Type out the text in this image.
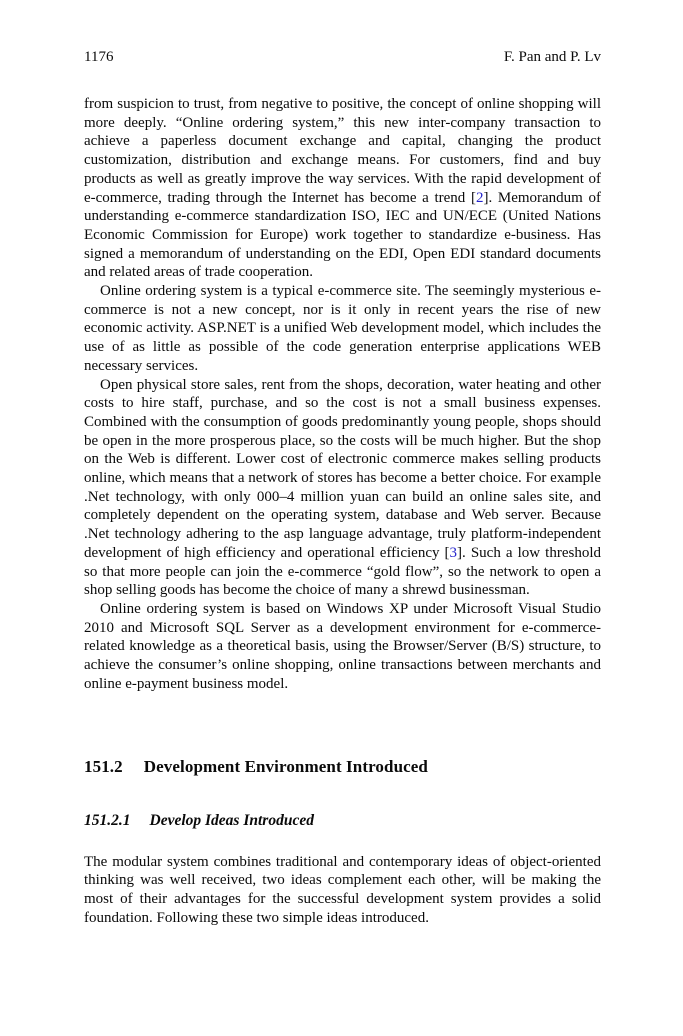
1176	F. Pan and P. Lv

from suspicion to trust, from negative to positive, the concept of online shopping will more deeply. “Online ordering system,” this new inter-company transaction to achieve a paperless document exchange and capital, changing the product customization, distribution and exchange means. For customers, find and buy products as well as greatly improve the way services. With the rapid development of e-commerce, trading through the Internet has become a trend [2]. Memorandum of understanding e-commerce standardization ISO, IEC and UN/ECE (United Nations Economic Commission for Europe) work together to standardize e-business. Has signed a memorandum of understanding on the EDI, Open EDI standard documents and related areas of trade cooperation.

Online ordering system is a typical e-commerce site. The seemingly mysterious e-commerce is not a new concept, nor is it only in recent years the rise of new economic activity. ASP.NET is a unified Web development model, which includes the use of as little as possible of the code generation enterprise applications WEB necessary services.

Open physical store sales, rent from the shops, decoration, water heating and other costs to hire staff, purchase, and so the cost is not a small business expenses. Combined with the consumption of goods predominantly young people, shops should be open in the more prosperous place, so the costs will be much higher. But the shop on the Web is different. Lower cost of electronic commerce makes selling products online, which means that a network of stores has become a better choice. For example .Net technology, with only 000–4 million yuan can build an online sales site, and completely dependent on the operating system, database and Web server. Because .Net technology adhering to the asp language advantage, truly platform-independent development of high efficiency and operational efficiency [3]. Such a low threshold so that more people can join the e-commerce “gold flow”, so the network to open a shop selling goods has become the choice of many a shrewd businessman.

Online ordering system is based on Windows XP under Microsoft Visual Studio 2010 and Microsoft SQL Server as a development environment for e-commerce-related knowledge as a theoretical basis, using the Browser/Server (B/S) structure, to achieve the consumer’s online shopping, online transactions between merchants and online e-payment business model.

151.2 Development Environment Introduced
151.2.1 Develop Ideas Introduced

The modular system combines traditional and contemporary ideas of object-oriented thinking was well received, two ideas complement each other, will be making the most of their advantages for the successful development system provides a solid foundation. Following these two simple ideas introduced.
